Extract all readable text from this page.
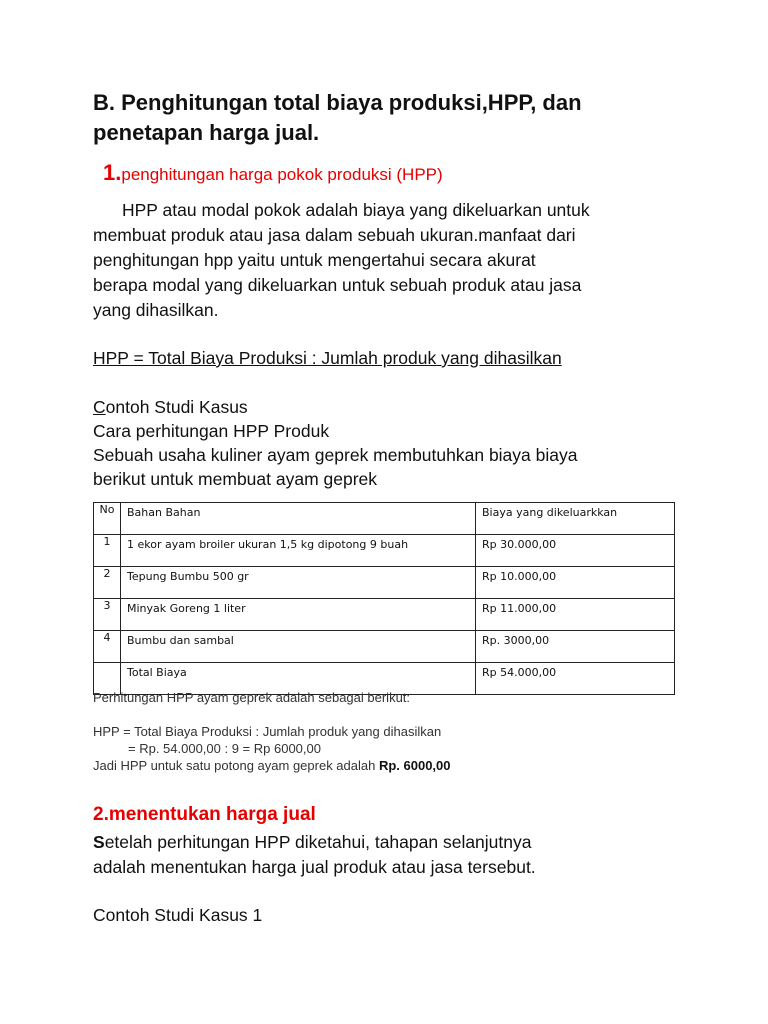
B. Penghitungan total biaya produksi,HPP, dan
penetapan harga jual.
1.penghitungan harga pokok produksi (HPP)
HPP atau modal pokok adalah biaya yang dikeluarkan untuk
membuat produk atau jasa dalam sebuah ukuran.manfaat dari
penghitungan hpp yaitu untuk mengertahui secara akurat
berapa modal yang dikeluarkan untuk sebuah produk atau jasa
yang dihasilkan.
HPP = Total Biaya Produksi : Jumlah produk yang dihasilkan
Contoh Studi Kasus
Cara perhitungan HPP Produk
Sebuah usaha kuliner ayam geprek membutuhkan biaya biaya
berikut untuk membuat ayam geprek
No	Bahan Bahan	Biaya yang dikeluarkkan
1	1 ekor ayam broiler ukuran 1,5 kg dipotong 9 buah	Rp 30.000,00
2	Tepung Bumbu 500 gr	Rp 10.000,00
3	Minyak Goreng 1 liter	Rp 11.000,00
4	Bumbu dan sambal	Rp. 3000,00
	Total Biaya	Rp 54.000,00
Perhitungan HPP ayam geprek adalah sebagai berikut:
HPP = Total Biaya Produksi : Jumlah produk yang dihasilkan
= Rp. 54.000,00 : 9 = Rp 6000,00
Jadi HPP untuk satu potong ayam geprek adalah Rp. 6000,00
2.menentukan harga jual
Setelah perhitungan HPP diketahui, tahapan selanjutnya
adalah menentukan harga jual produk atau jasa tersebut.
Contoh Studi Kasus 1
